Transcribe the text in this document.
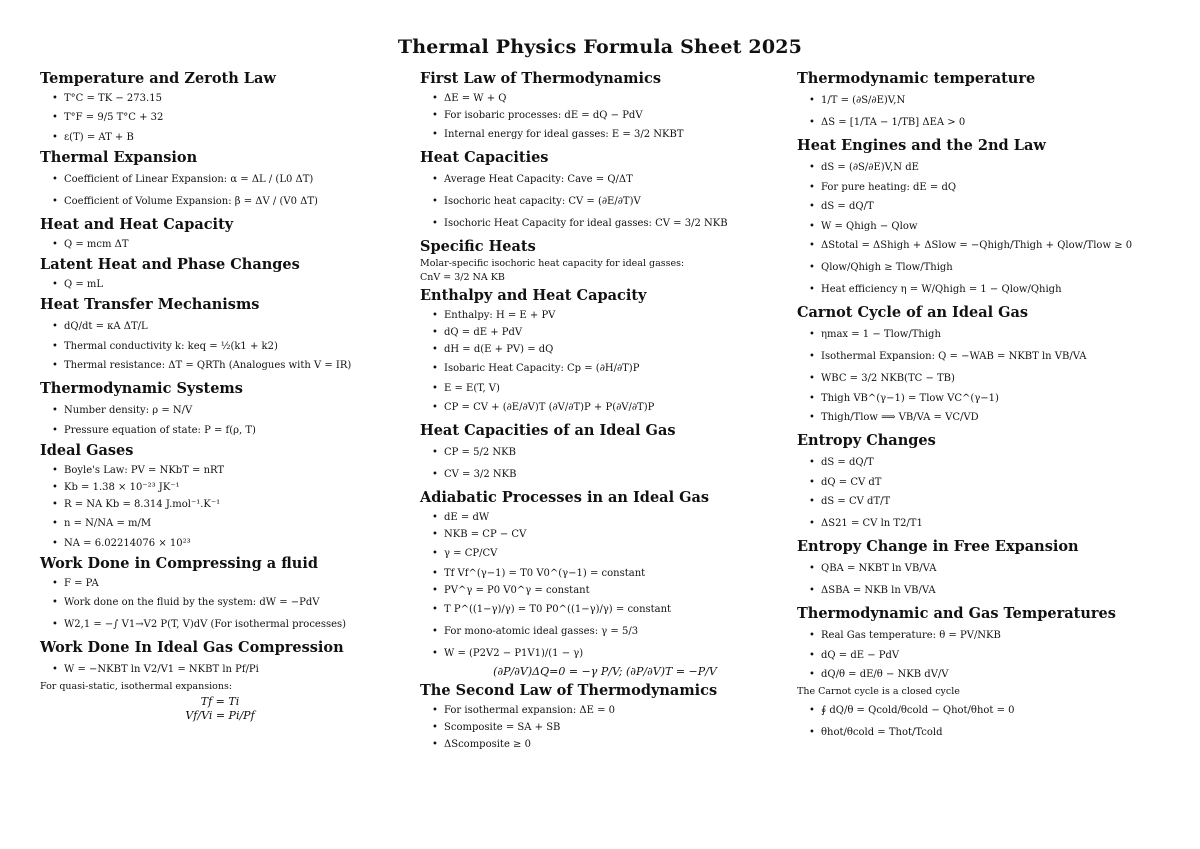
Thermal Physics Formula Sheet 2025
Temperature and Zeroth Law
• T°C = TK − 273.15
• T°F = 9/5 T°C + 32
• ε(T) = AT + B
Thermal Expansion
• Coefficient of Linear Expansion: α = ΔL / (L0 ΔT)
• Coefficient of Volume Expansion: β = ΔV / (V0 ΔT)
Heat and Heat Capacity
• Q = mcm ΔT
Latent Heat and Phase Changes
• Q = mL
Heat Transfer Mechanisms
• dQ/dt = κA ΔT/L
• Thermal conductivity k: keq = ½(k1 + k2)
• Thermal resistance: ΔT = QRTh (Analogues with V = IR)
Thermodynamic Systems
• Number density: ρ = N/V
• Pressure equation of state: P = f(ρ, T)
Ideal Gases
• Boyle's Law: PV = NKbT = nRT
• Kb = 1.38 × 10⁻²³ JK⁻¹
• R = NA Kb = 8.314 J.mol⁻¹.K⁻¹
• n = N/NA = m/M
• NA = 6.02214076 × 10²³
Work Done in Compressing a fluid
• F = PA
• Work done on the fluid by the system: dW = −PdV
• W2,1 = −∫ V1→V2 P(T, V)dV (For isothermal processes)
Work Done In Ideal Gas Compression
• W = −NKBT ln V2/V1 = NKBT ln Pf/Pi
For quasi-static, isothermal expansions:
Tf = Ti
Vf/Vi = Pi/Pf
First Law of Thermodynamics
• ΔE = W + Q
• For isobaric processes: dE = dQ − PdV
• Internal energy for ideal gasses: E = 3/2 NKBT
Heat Capacities
• Average Heat Capacity: Cave = Q/ΔT
• Isochoric heat capacity: CV = (∂E/∂T)V
• Isochoric Heat Capacity for ideal gasses: CV = 3/2 NKB
Specific Heats
Molar-specific isochoric heat capacity for ideal gasses:
CnV = 3/2 NA KB
Enthalpy and Heat Capacity
• Enthalpy: H = E + PV
• dQ = dE + PdV
• dH = d(E + PV) = dQ
• Isobaric Heat Capacity: Cp = (∂H/∂T)P
• E = E(T, V)
• CP = CV + (∂E/∂V)T (∂V/∂T)P + P(∂V/∂T)P
Heat Capacities of an Ideal Gas
• CP = 5/2 NKB
• CV = 3/2 NKB
Adiabatic Processes in an Ideal Gas
• dE = dW
• NKB = CP − CV
• γ = CP/CV
• Tf Vf^(γ−1) = T0 V0^(γ−1) = constant
• PV^γ = P0 V0^γ = constant
• T P^((1−γ)/γ) = T0 P0^((1−γ)/γ) = constant
• For mono-atomic ideal gasses: γ = 5/3
• W = (P2V2 − P1V1)/(1 − γ)
(∂P/∂V)ΔQ=0 = −γ P/V; (∂P/∂V)T = −P/V
The Second Law of Thermodynamics
• For isothermal expansion: ΔE = 0
• Scomposite = SA + SB
• ΔScomposite ≥ 0
Thermodynamic temperature
• 1/T = (∂S/∂E)V,N
• ΔS = [1/TA − 1/TB] ΔEA > 0
Heat Engines and the 2nd Law
• dS = (∂S/∂E)V,N dE
• For pure heating: dE = dQ
• dS = dQ/T
• W = Qhigh − Qlow
• ΔStotal = ΔShigh + ΔSlow = −Qhigh/Thigh + Qlow/Tlow ≥ 0
• Qlow/Qhigh ≥ Tlow/Thigh
• Heat efficiency η = W/Qhigh = 1 − Qlow/Qhigh
Carnot Cycle of an Ideal Gas
• ηmax = 1 − Tlow/Thigh
• Isothermal Expansion: Q = −WAB = NKBT ln VB/VA
• WBC = 3/2 NKB(TC − TB)
• Thigh VB^(γ−1) = Tlow VC^(γ−1)
• Thigh/Tlow ⟹ VB/VA = VC/VD
Entropy Changes
• dS = dQ/T
• dQ = CV dT
• dS = CV dT/T
• ΔS21 = CV ln T2/T1
Entropy Change in Free Expansion
• QBA = NKBT ln VB/VA
• ΔSBA = NKB ln VB/VA
Thermodynamic and Gas Temperatures
• Real Gas temperature: θ = PV/NKB
• dQ = dE − PdV
• dQ/θ = dE/θ − NKB dV/V
The Carnot cycle is a closed cycle
• ∮ dQ/θ = Qcold/θcold − Qhot/θhot = 0
• θhot/θcold = Thot/Tcold
